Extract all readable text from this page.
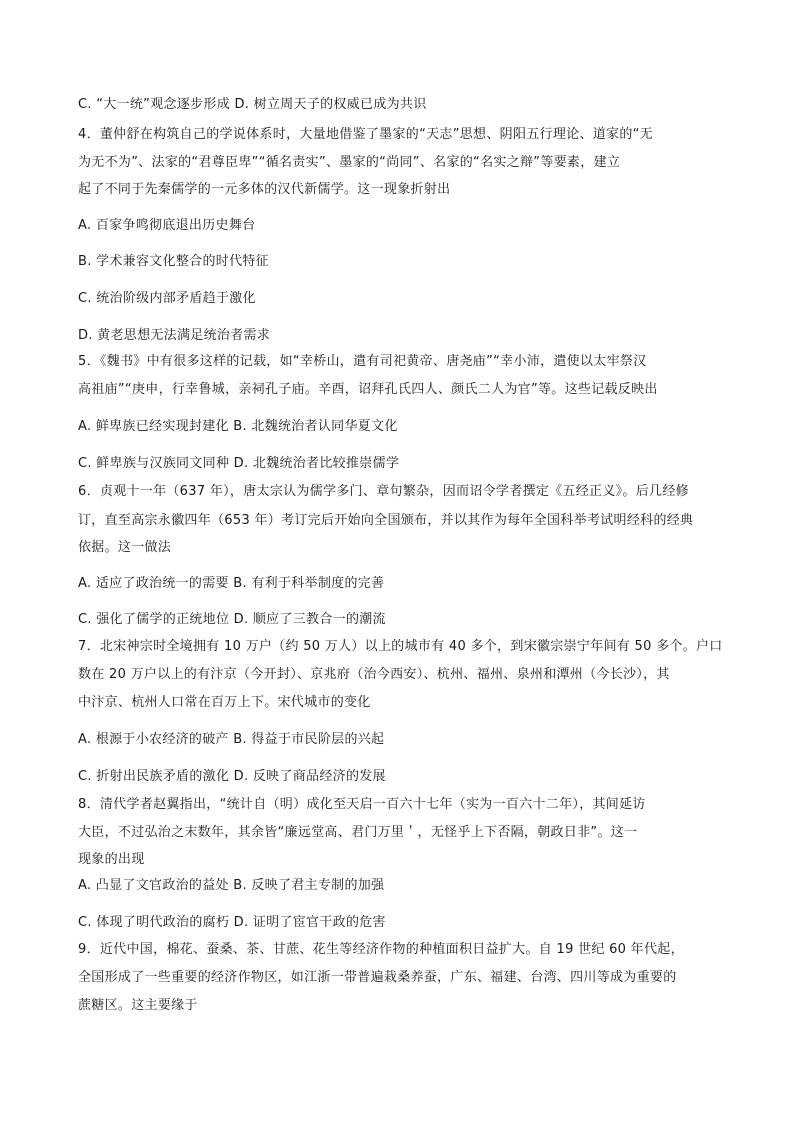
C. “大一统”观念逐步形成 D. 树立周天子的权威已成为共识
4．董仲舒在构筑自己的学说体系时，大量地借鉴了墨家的“天志”思想、阴阳五行理论、道家的“无
为无不为”、法家的“君尊臣卑”“循名责实”、墨家的“尚同”、名家的“名实之辩”等要素，建立
起了不同于先秦儒学的一元多体的汉代新儒学。这一现象折射出
A. 百家争鸣彻底退出历史舞台
B. 学术兼容文化整合的时代特征
C. 统治阶级内部矛盾趋于激化
D. 黄老思想无法满足统治者需求
5．《魏书》中有很多这样的记载，如“幸桥山，遣有司祀黄帝、唐尧庙”“幸小沛，遣使以太牢祭汉
高祖庙”“庚申，行幸鲁城，亲祠孔子庙。辛酉，诏拜孔氏四人、颜氏二人为官”等。这些记载反映出
A. 鲜卑族已经实现封建化 B. 北魏统治者认同华夏文化
C. 鲜卑族与汉族同文同种 D. 北魏统治者比较推崇儒学
6．贞观十一年（637 年），唐太宗认为儒学多门、章句繁杂，因而诏令学者撰定《五经正义》。后几经修
订，直至高宗永徽四年（653 年）考订完后开始向全国颁布，并以其作为每年全国科举考试明经科的经典
依据。这一做法
A. 适应了政治统一的需要 B. 有利于科举制度的完善
C. 强化了儒学的正统地位 D. 顺应了三教合一的潮流
7．北宋神宗时全境拥有 10 万户（约 50 万人）以上的城市有 40 多个，到宋徽宗崇宁年间有 50 多个。户口
数在 20 万户以上的有汴京（今开封）、京兆府（治今西安）、杭州、福州、泉州和潭州（今长沙），其
中汴京、杭州人口常在百万上下。宋代城市的变化
A. 根源于小农经济的破产 B. 得益于市民阶层的兴起
C. 折射出民族矛盾的激化 D. 反映了商品经济的发展
8．清代学者赵翼指出，“统计自（明）成化至天启一百六十七年（实为一百六十二年），其间延访
大臣，不过弘治之末数年，其余皆“廉远堂高、君门万里＇，无怪乎上下否隔，朝政日非”。这一
现象的出现
A. 凸显了文官政治的益处 B. 反映了君主专制的加强
C. 体现了明代政治的腐朽 D. 证明了宦官干政的危害
9．近代中国，棉花、蚕桑、茶、甘蔗、花生等经济作物的种植面积日益扩大。自 19 世纪 60 年代起，
全国形成了一些重要的经济作物区，如江浙一带普遍栽桑养蚕，广东、福建、台湾、四川等成为重要的
蔗糖区。这主要缘于
